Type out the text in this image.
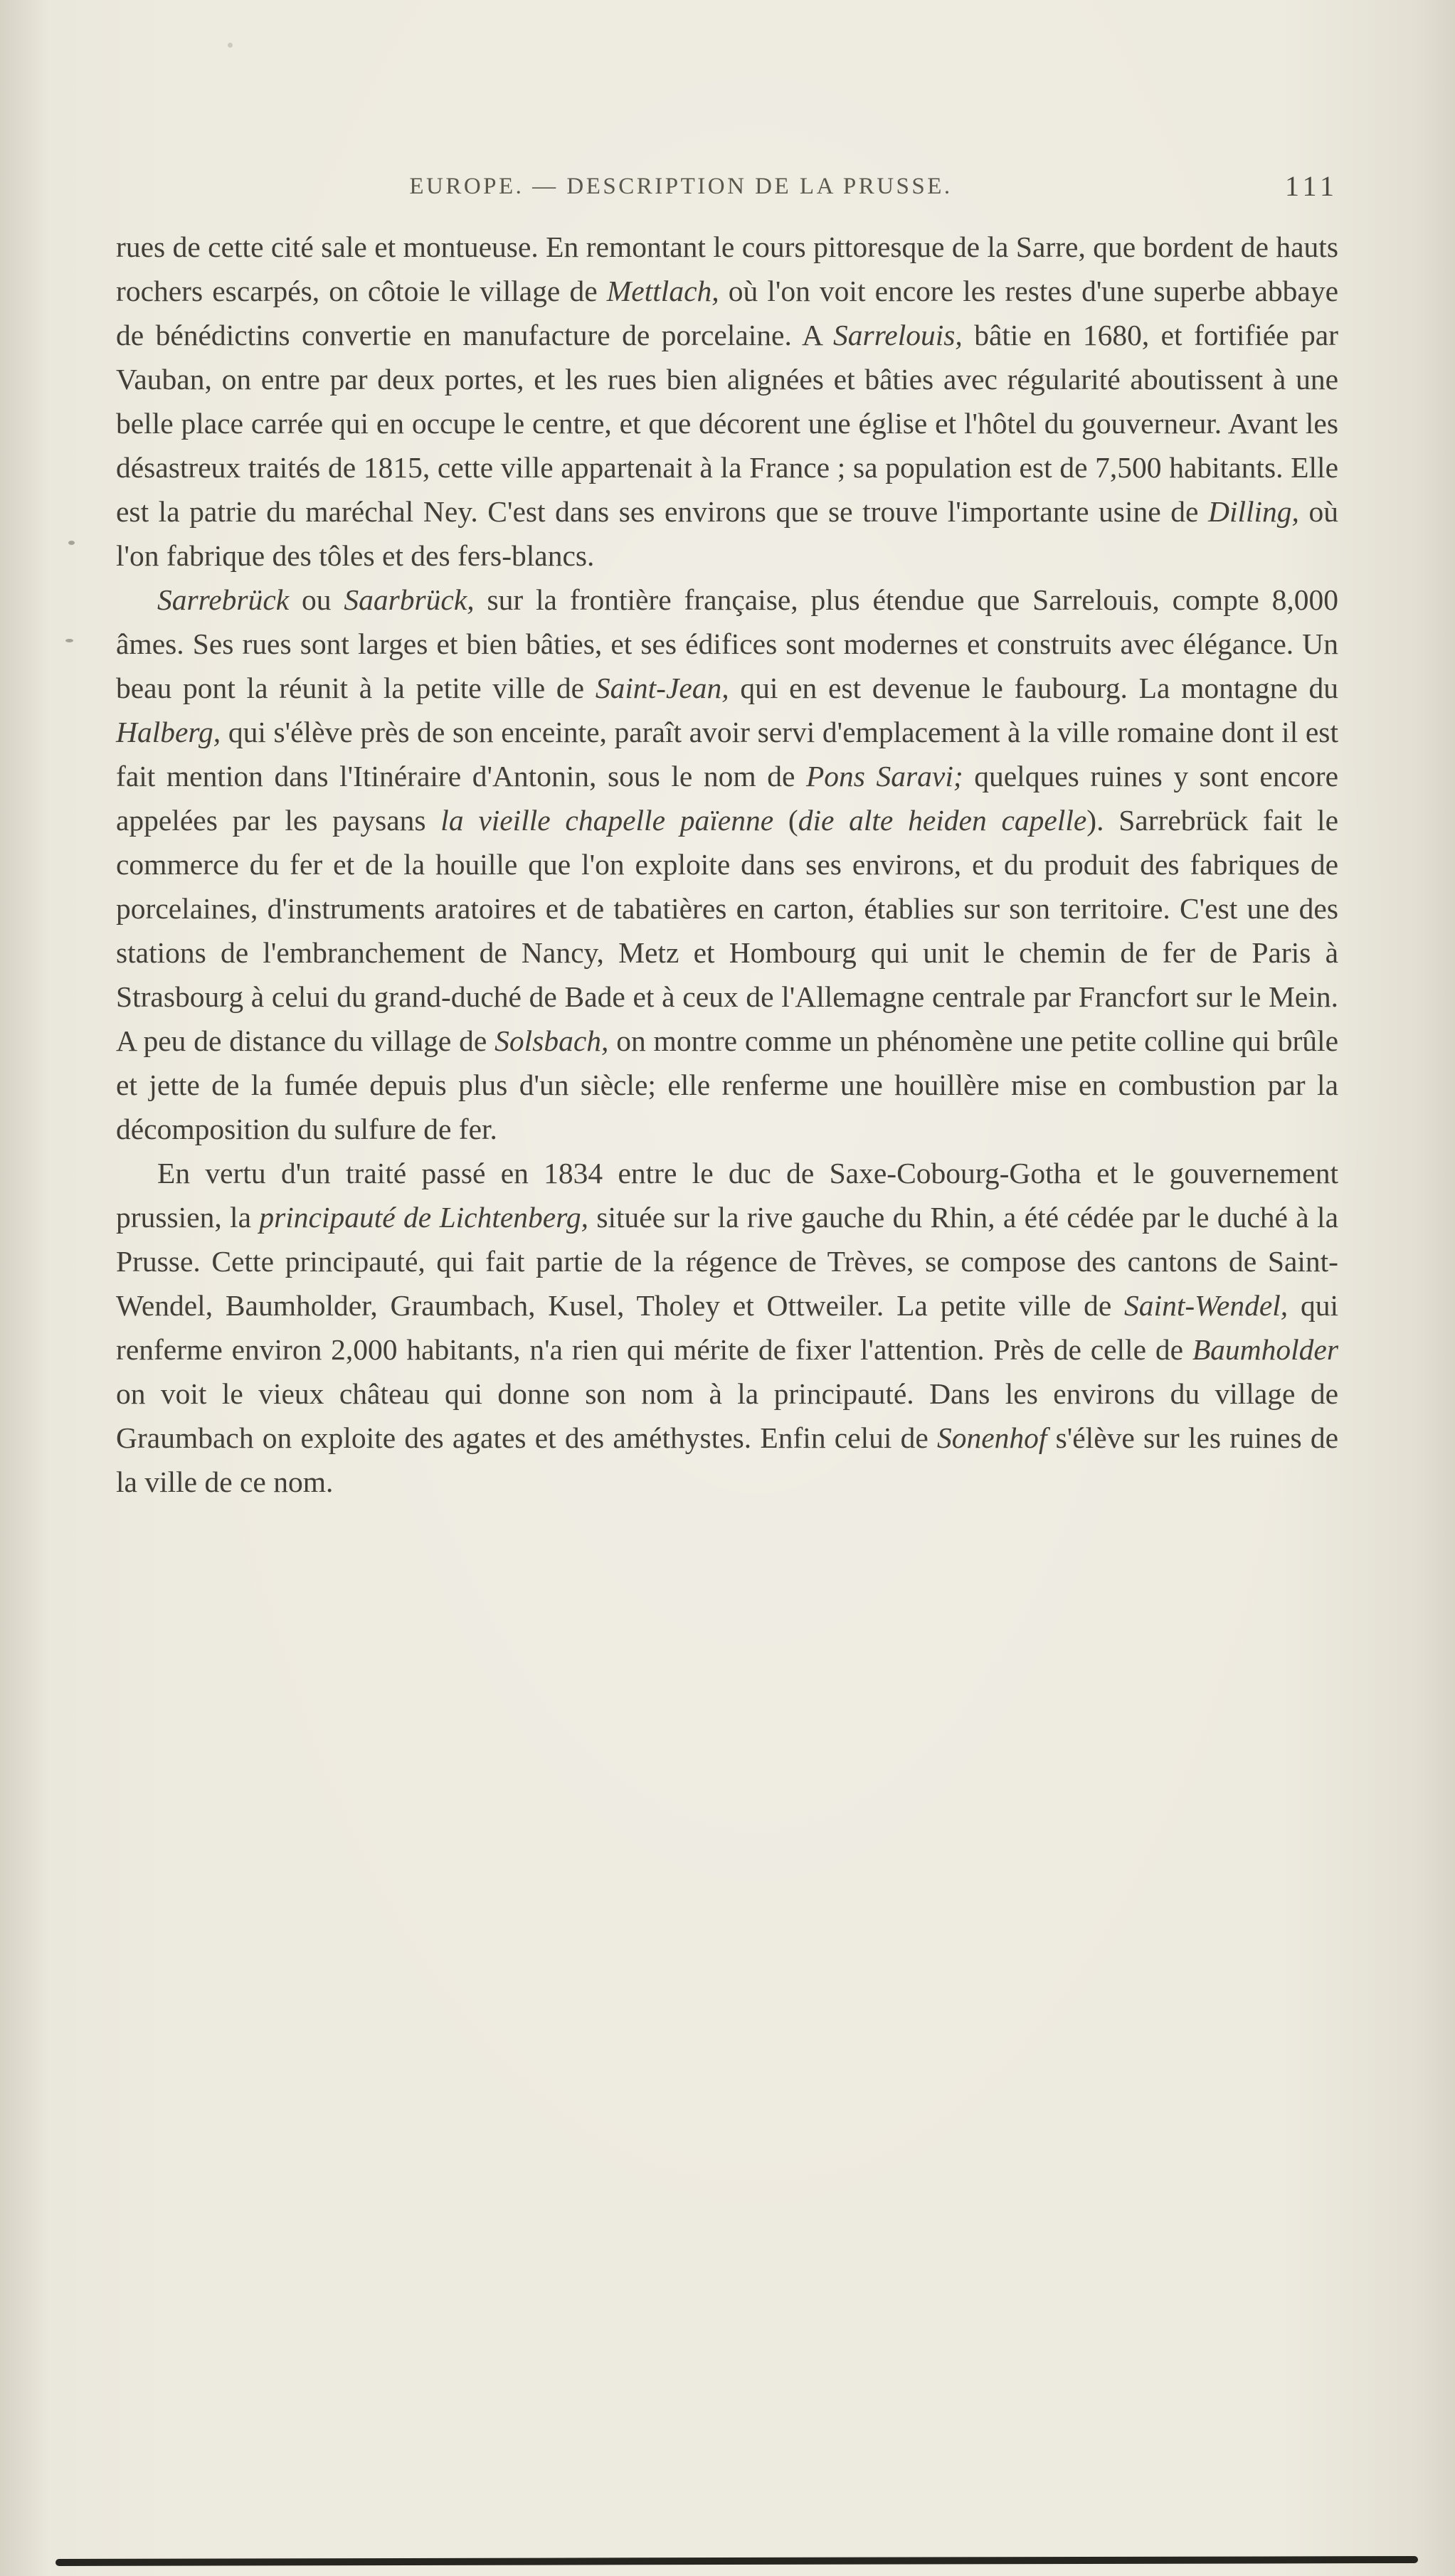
EUROPE. — DESCRIPTION DE LA PRUSSE.	111

rues de cette cité sale et montueuse. En remontant le cours pittoresque de la Sarre, que bordent de hauts rochers escarpés, on côtoie le village de Mettlach, où l'on voit encore les restes d'une superbe abbaye de bénédictins convertie en manufacture de porcelaine. A Sarrelouis, bâtie en 1680, et fortifiée par Vauban, on entre par deux portes, et les rues bien alignées et bâties avec régularité aboutissent à une belle place carrée qui en occupe le centre, et que décorent une église et l'hôtel du gouverneur. Avant les désastreux traités de 1815, cette ville appartenait à la France ; sa population est de 7,500 habitants. Elle est la patrie du maréchal Ney. C'est dans ses environs que se trouve l'importante usine de Dilling, où l'on fabrique des tôles et des fers-blancs.

Sarrebrück ou Saarbrück, sur la frontière française, plus étendue que Sarrelouis, compte 8,000 âmes. Ses rues sont larges et bien bâties, et ses édifices sont modernes et construits avec élégance. Un beau pont la réunit à la petite ville de Saint-Jean, qui en est devenue le faubourg. La montagne du Halberg, qui s'élève près de son enceinte, paraît avoir servi d'emplacement à la ville romaine dont il est fait mention dans l'Itinéraire d'Antonin, sous le nom de Pons Saravi; quelques ruines y sont encore appelées par les paysans la vieille chapelle païenne (die alte heiden capelle). Sarrebrück fait le commerce du fer et de la houille que l'on exploite dans ses environs, et du produit des fabriques de porcelaines, d'instruments aratoires et de tabatières en carton, établies sur son territoire. C'est une des stations de l'embranchement de Nancy, Metz et Hombourg qui unit le chemin de fer de Paris à Strasbourg à celui du grand-duché de Bade et à ceux de l'Allemagne centrale par Francfort sur le Mein. A peu de distance du village de Solsbach, on montre comme un phénomène une petite colline qui brûle et jette de la fumée depuis plus d'un siècle; elle renferme une houillère mise en combustion par la décomposition du sulfure de fer.

En vertu d'un traité passé en 1834 entre le duc de Saxe-Cobourg-Gotha et le gouvernement prussien, la principauté de Lichtenberg, située sur la rive gauche du Rhin, a été cédée par le duché à la Prusse. Cette principauté, qui fait partie de la régence de Trèves, se compose des cantons de Saint-Wendel, Baumholder, Graumbach, Kusel, Tholey et Ottweiler. La petite ville de Saint-Wendel, qui renferme environ 2,000 habitants, n'a rien qui mérite de fixer l'attention. Près de celle de Baumholder on voit le vieux château qui donne son nom à la principauté. Dans les environs du village de Graumbach on exploite des agates et des améthystes. Enfin celui de Sonenhof s'élève sur les ruines de la ville de ce nom.
